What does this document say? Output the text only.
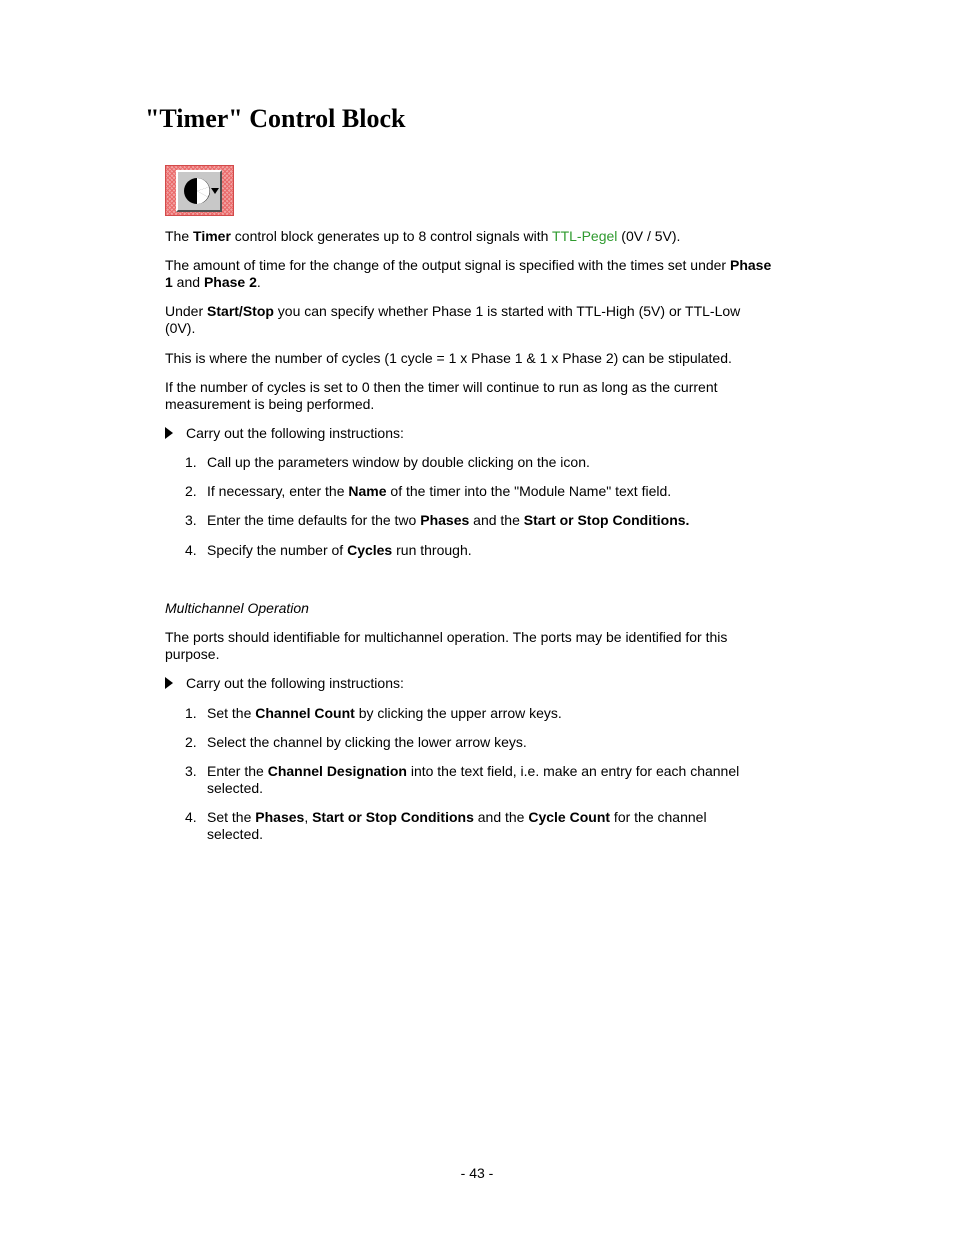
"Timer" Control Block

The Timer control block generates up to 8 control signals with TTL-Pegel (0V / 5V).

The amount of time for the change of the output signal is specified with the times set under Phase
1 and Phase 2.

Under Start/Stop you can specify whether Phase 1 is started with TTL-High (5V) or TTL-Low
(0V).

This is where the number of cycles (1 cycle = 1 x Phase 1 & 1 x Phase 2) can be stipulated.

If the number of cycles is set to 0 then the timer will continue to run as long as the current
measurement is being performed.

Carry out the following instructions:
1. Call up the parameters window by double clicking on the icon.
2. If necessary, enter the Name of the timer into the "Module Name" text field.
3. Enter the time defaults for the two Phases and the Start or Stop Conditions.
4. Specify the number of Cycles run through.

Multichannel Operation

The ports should identifiable for multichannel operation. The ports may be identified for this
purpose.

Carry out the following instructions:
1. Set the Channel Count by clicking the upper arrow keys.
2. Select the channel by clicking the lower arrow keys.
3. Enter the Channel Designation into the text field, i.e. make an entry for each channel
selected.
4. Set the Phases, Start or Stop Conditions and the Cycle Count for the channel
selected.
- 43 -
